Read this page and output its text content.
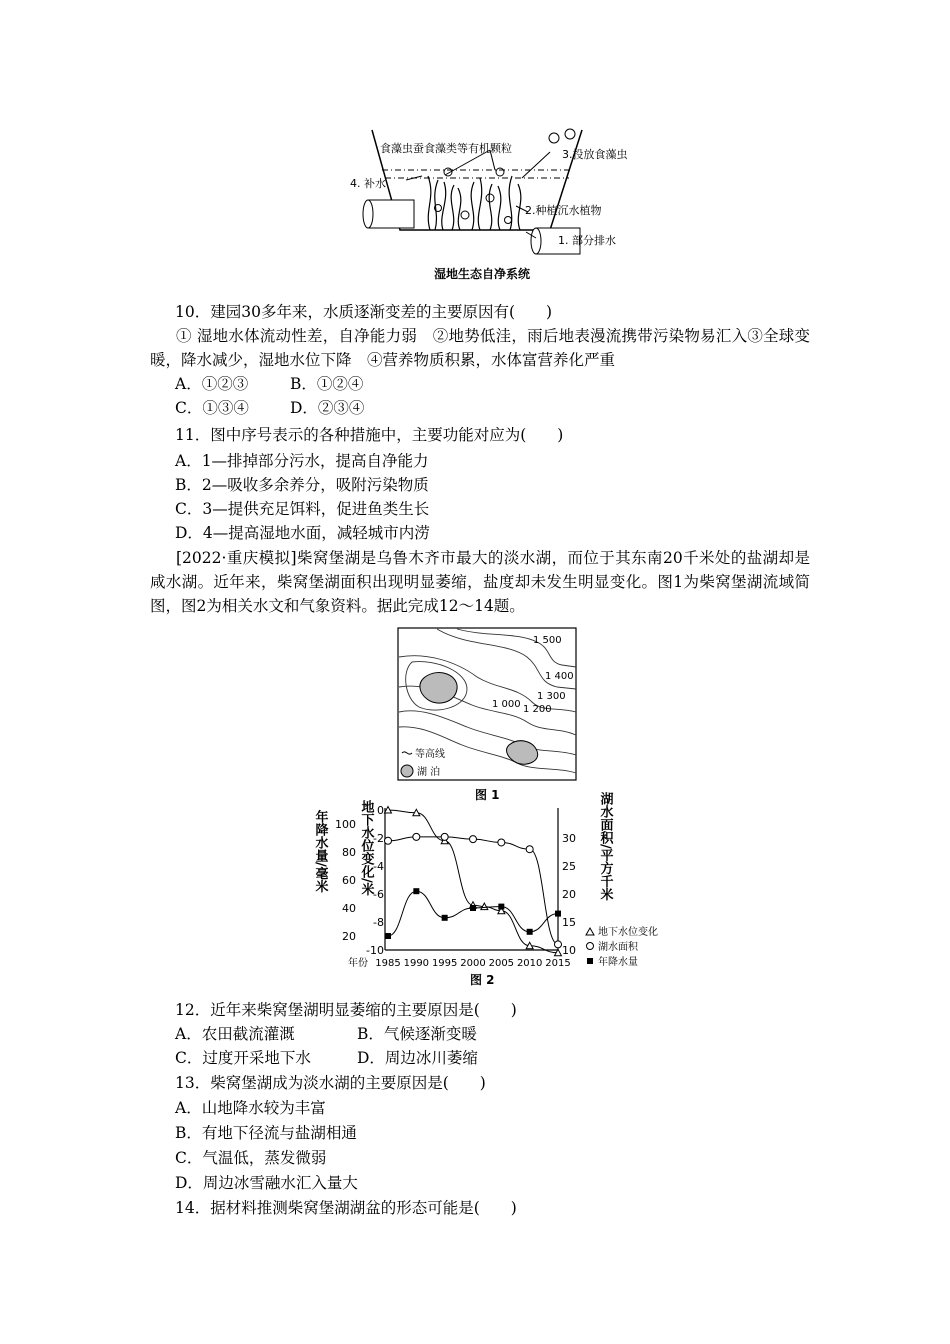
食藻虫蚕食藻类等有机颗粒	3.投放食藻虫
4. 补水
2.种植沉水植物
1. 部分排水
湿地生态自净系统

10．建园30多年来，水质逐渐变差的主要原因有(　　)

① 湿地水体流动性差，自净能力弱　②地势低洼，雨后地表漫流携带污染物易汇入③全球变暖，降水减少，湿地水位下降　④营养物质积累，水体富营养化严重

A．①②③	B．①②④
C．①③④	D．②③④

11．图中序号表示的各种措施中，主要功能对应为(　　)

A．1—排掉部分污水，提高自净能力
B．2—吸收多余养分，吸附污染物质
C．3—提供充足饵料，促进鱼类生长
D．4—提高湿地水面，减轻城市内涝

[2022·重庆模拟]柴窝堡湖是乌鲁木齐市最大的淡水湖，而位于其东南20千米处的盐湖却是咸水湖。近年来，柴窝堡湖面积出现明显萎缩，盐度却未发生明显变化。图1为柴窝堡湖流域简图，图2为相关水文和气象资料。据此完成12～14题。

1 500
1 400
1 300
1 200
1 000
等高线
湖 泊
图 1
年降水量/毫米 地下水位变化/米	湖水面积/平方千米
100
80
60
40
20
0
-2
-4
-6
-8
-10
30
25
20
15
10
1985 1990 1995 2000 2005 2010 2015
年份
图 2
地下水位变化
湖水面积
年降水量

12．近年来柴窝堡湖明显萎缩的主要原因是(　　)

A．农田截流灌溉	B．气候逐渐变暖
C．过度开采地下水	D．周边冰川萎缩

13．柴窝堡湖成为淡水湖的主要原因是(　　)

A．山地降水较为丰富
B．有地下径流与盐湖相通
C．气温低，蒸发微弱
D．周边冰雪融水汇入量大

14．据材料推测柴窝堡湖湖盆的形态可能是(　　)
